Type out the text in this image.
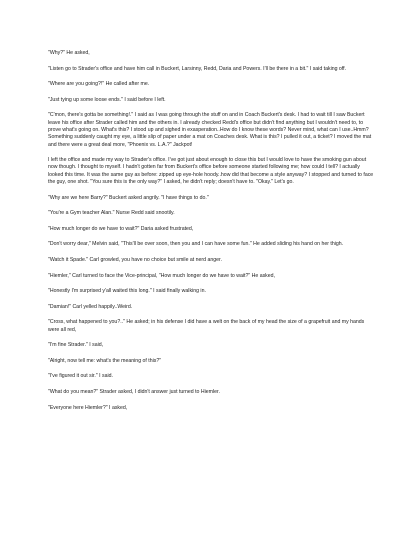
"Why?" He asked,

"Listen go to Strader's office and have him call in Buckert, Larsinny, Redd, Daria and Powers. I'll be there in a bit." I said taking off.

"Where are you going?!" He called after me.

"Just tying up some loose ends." I said before I left.

"C'mon, there's gotta be something!." I said as I was going through the stuff on and in Coach Buckert's desk. I had to wait till I saw Buckert leave his office after Strader called him and the others in. I already checked Redd's office but didn't find anything but I wouldn't need to, to prove what's going on. What's this? I stood up and sighed in exasperation..How do I know these words? Never mind, what can I use..Hmm? Something suddenly caught my eye, a little slip of paper under a mat on Coaches desk. What is this? I pulled it out, a ticket? I moved the mat and there were a great deal more, "Phoenix vs. L.A.?" Jackpot!

I left the office and made my way to Strader's office. I've got just about enough to close this but I would love to have the smoking gun about now though. I thought to myself. I hadn't gotten far from Buckert's office before someone started following me; how could I tell? I actually looked this time. It was the same guy as before: zipped up eye-hole hoody..how did that become a style anyway? I stopped and turned to face the guy, one shot. "You sure this is the only way?" I asked, he didn't reply; doesn't have to. "Okay." Let's go.

"Why are we here Barry?" Buckert asked angrily. "I have things to do."

"You're a Gym teacher Alan." Nurse Redd said snootily.

"How much longer do we have to wait?" Daria asked frustrated,

"Don't worry dear," Melvin said, "This'll be over soon, then you and I can have some fun." He added sliding his hand on her thigh.

"Watch it Spade." Carl growled, you have no choice but smile at nerd anger.

"Hiemler," Carl turned to face the Vice-principal, "How much longer do we have to wait?" He asked,

"Honestly I'm surprised y'all waited this long." I said finally walking in.

"Damian!" Carl yelled happily..Weird.

"Cross, what happened to you?.." He asked; in his defense I did have a welt on the back of my head the size of a grapefruit and my hands were all red,

"I'm fine Strader." I said,

"Alright, now tell me: what's the meaning of this?"

"I've figured it out sir." I said.

"What do you mean?" Strader asked, I didn't answer just turned to Hiemler.

"Everyone here Hiemler?" I asked,
